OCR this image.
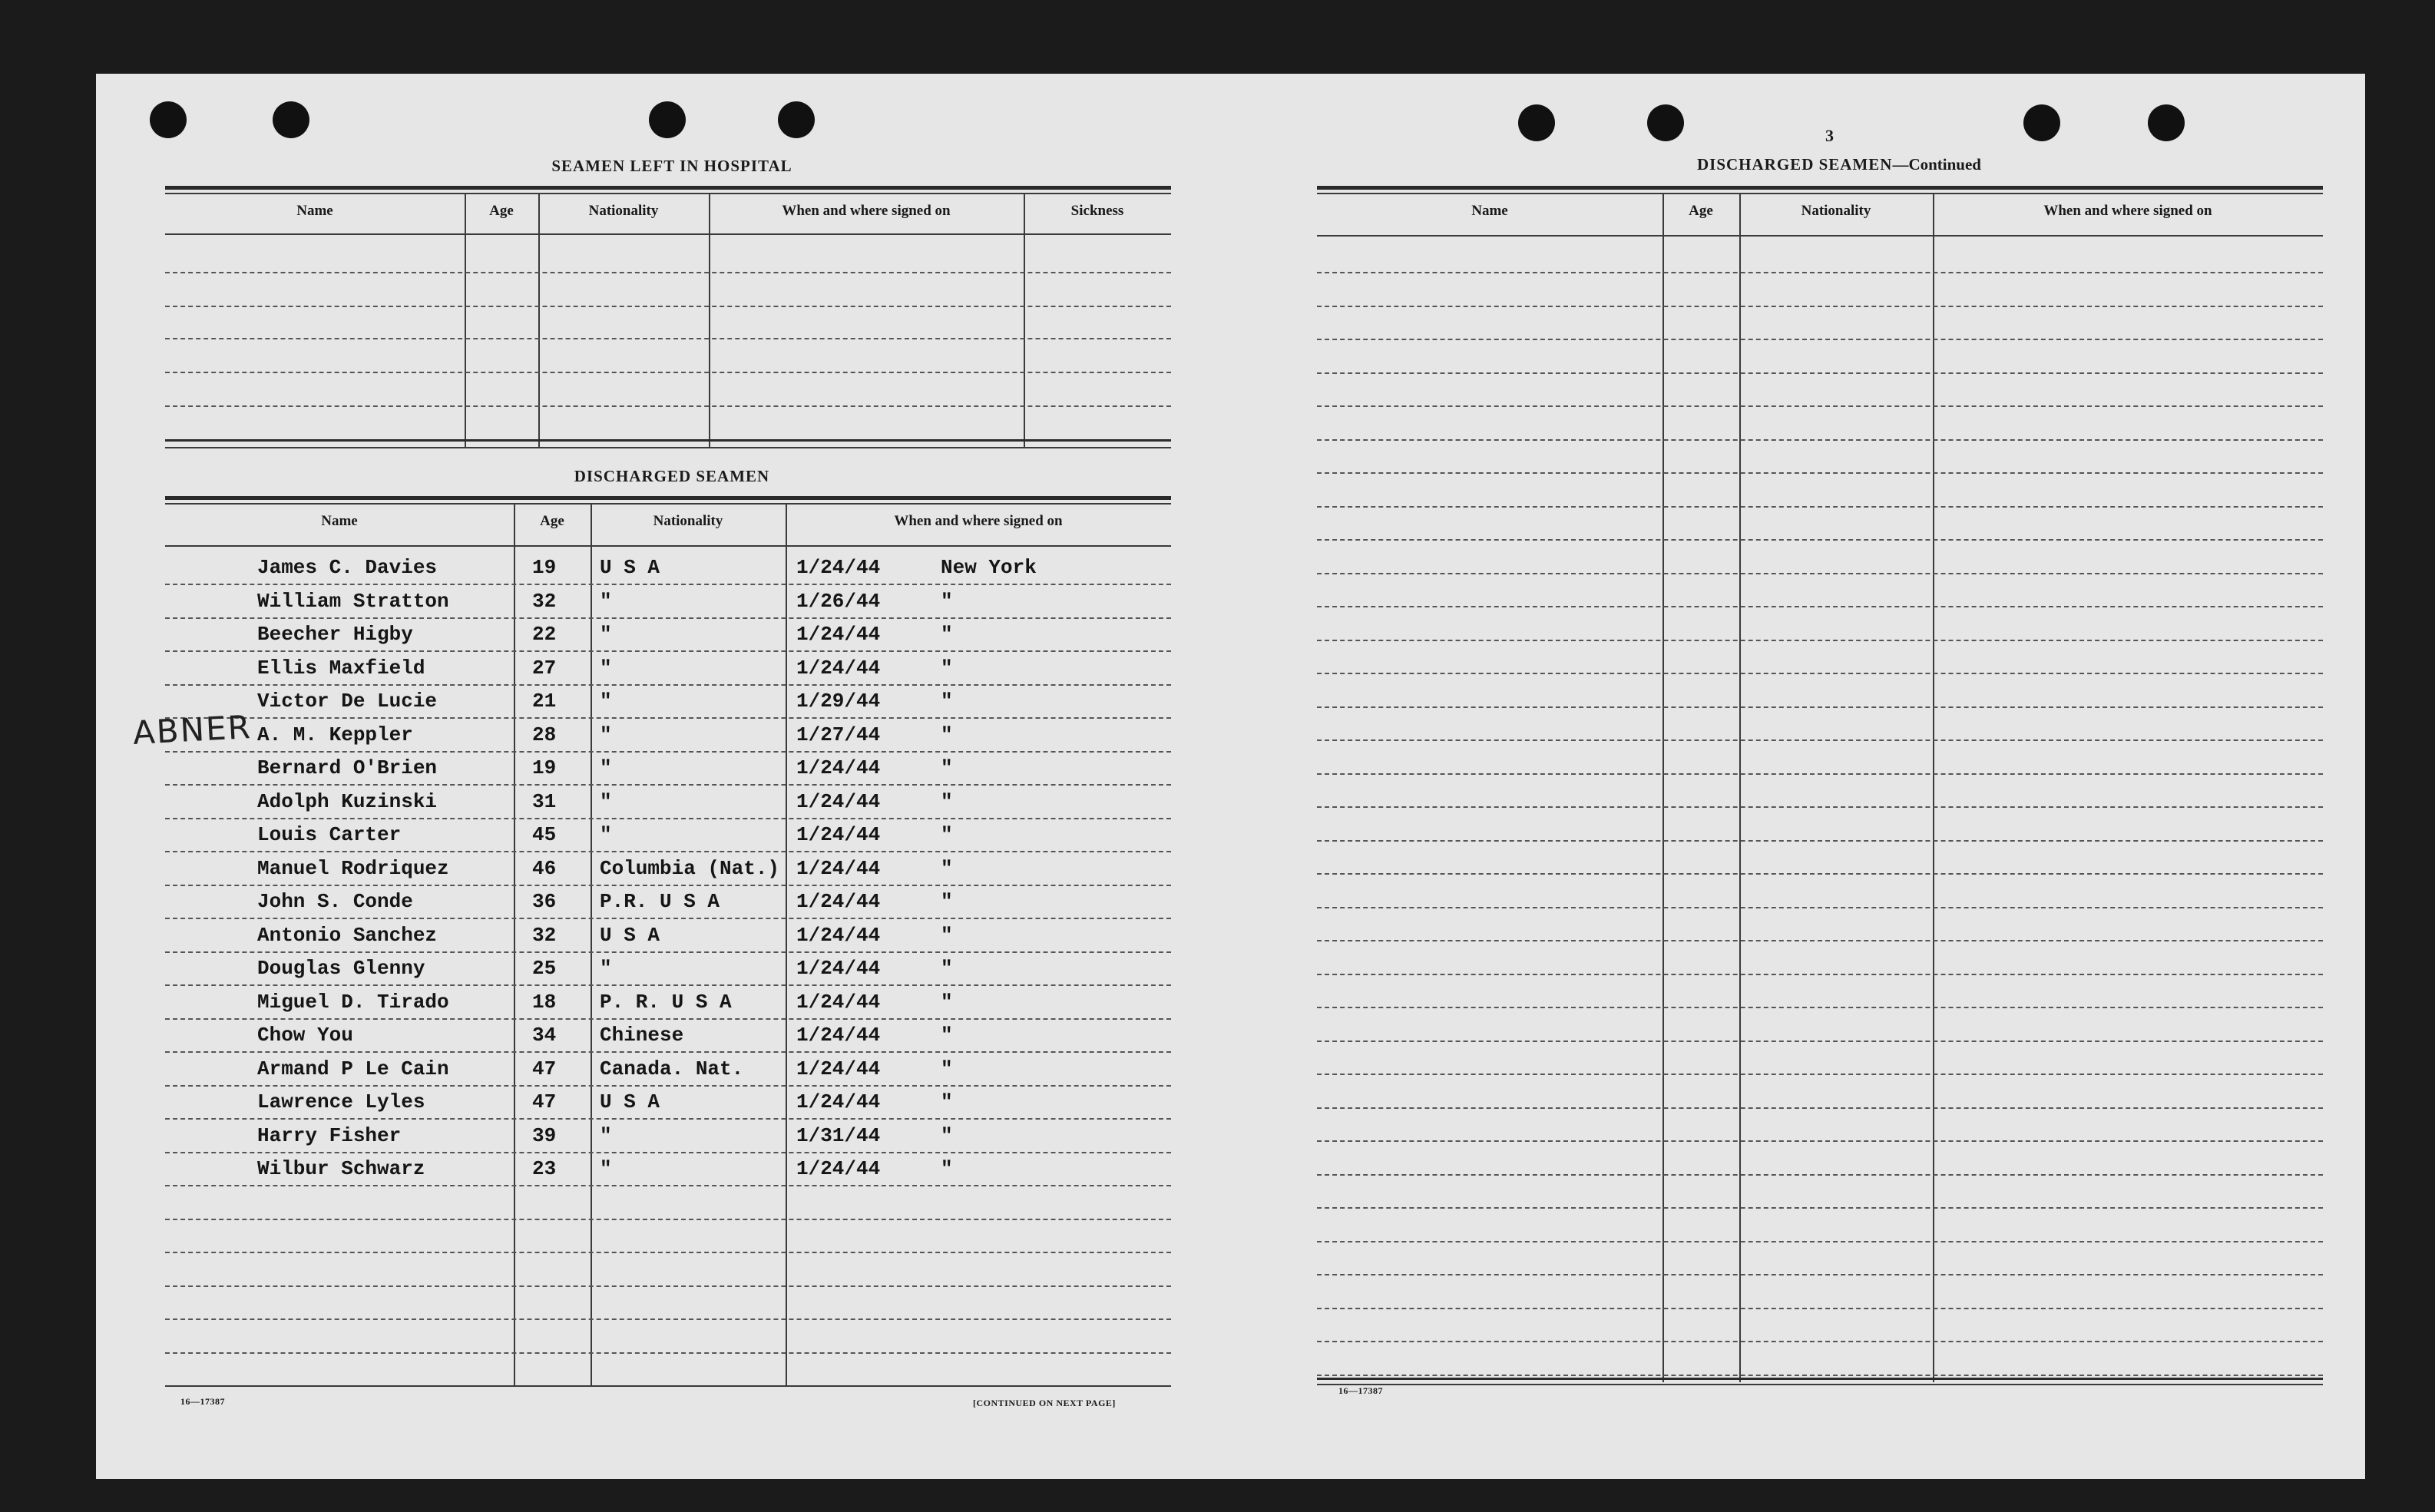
SEAMEN LEFT IN HOSPITAL
Name	Age	Nationality	When and where signed on	Sickness
DISCHARGED SEAMEN
Name	Age	Nationality	When and where signed on
James C. Davies	19 U S A	1/24/44	New York
William Stratton	32 "	1/26/44	"
Beecher Higby	22 "	1/24/44	"
Ellis Maxfield	27 "	1/24/44	"
Victor De Lucie	21 "	1/29/44	"
A. M. Keppler	28 "	1/27/44	"
Bernard O'Brien	19 "	1/24/44	"
Adolph Kuzinski	31 "	1/24/44	"
Louis Carter	45 "	1/24/44	"
Manuel Rodriquez	46 Columbia (Nat.) 1/24/44	"
John S. Conde	36 P.R. U S A	1/24/44	"
Antonio Sanchez	32 U S A	1/24/44	"
Douglas Glenny	25 "	1/24/44	"
Miguel D. Tirado	18 P. R. U S A	1/24/44	"
Chow You	34 Chinese	1/24/44	"
Armand P Le Cain	47 Canada. Nat.	1/24/44	"
Lawrence Lyles	47 U S A	1/24/44	"
Harry Fisher	39 "	1/31/44	"
Wilbur Schwarz	23 "	1/24/44	"
ABNER
16—17387	[CONTINUED ON NEXT PAGE]
3
DISCHARGED SEAMEN—Continued
Name	Age	Nationality	When and where signed on
16—17387
